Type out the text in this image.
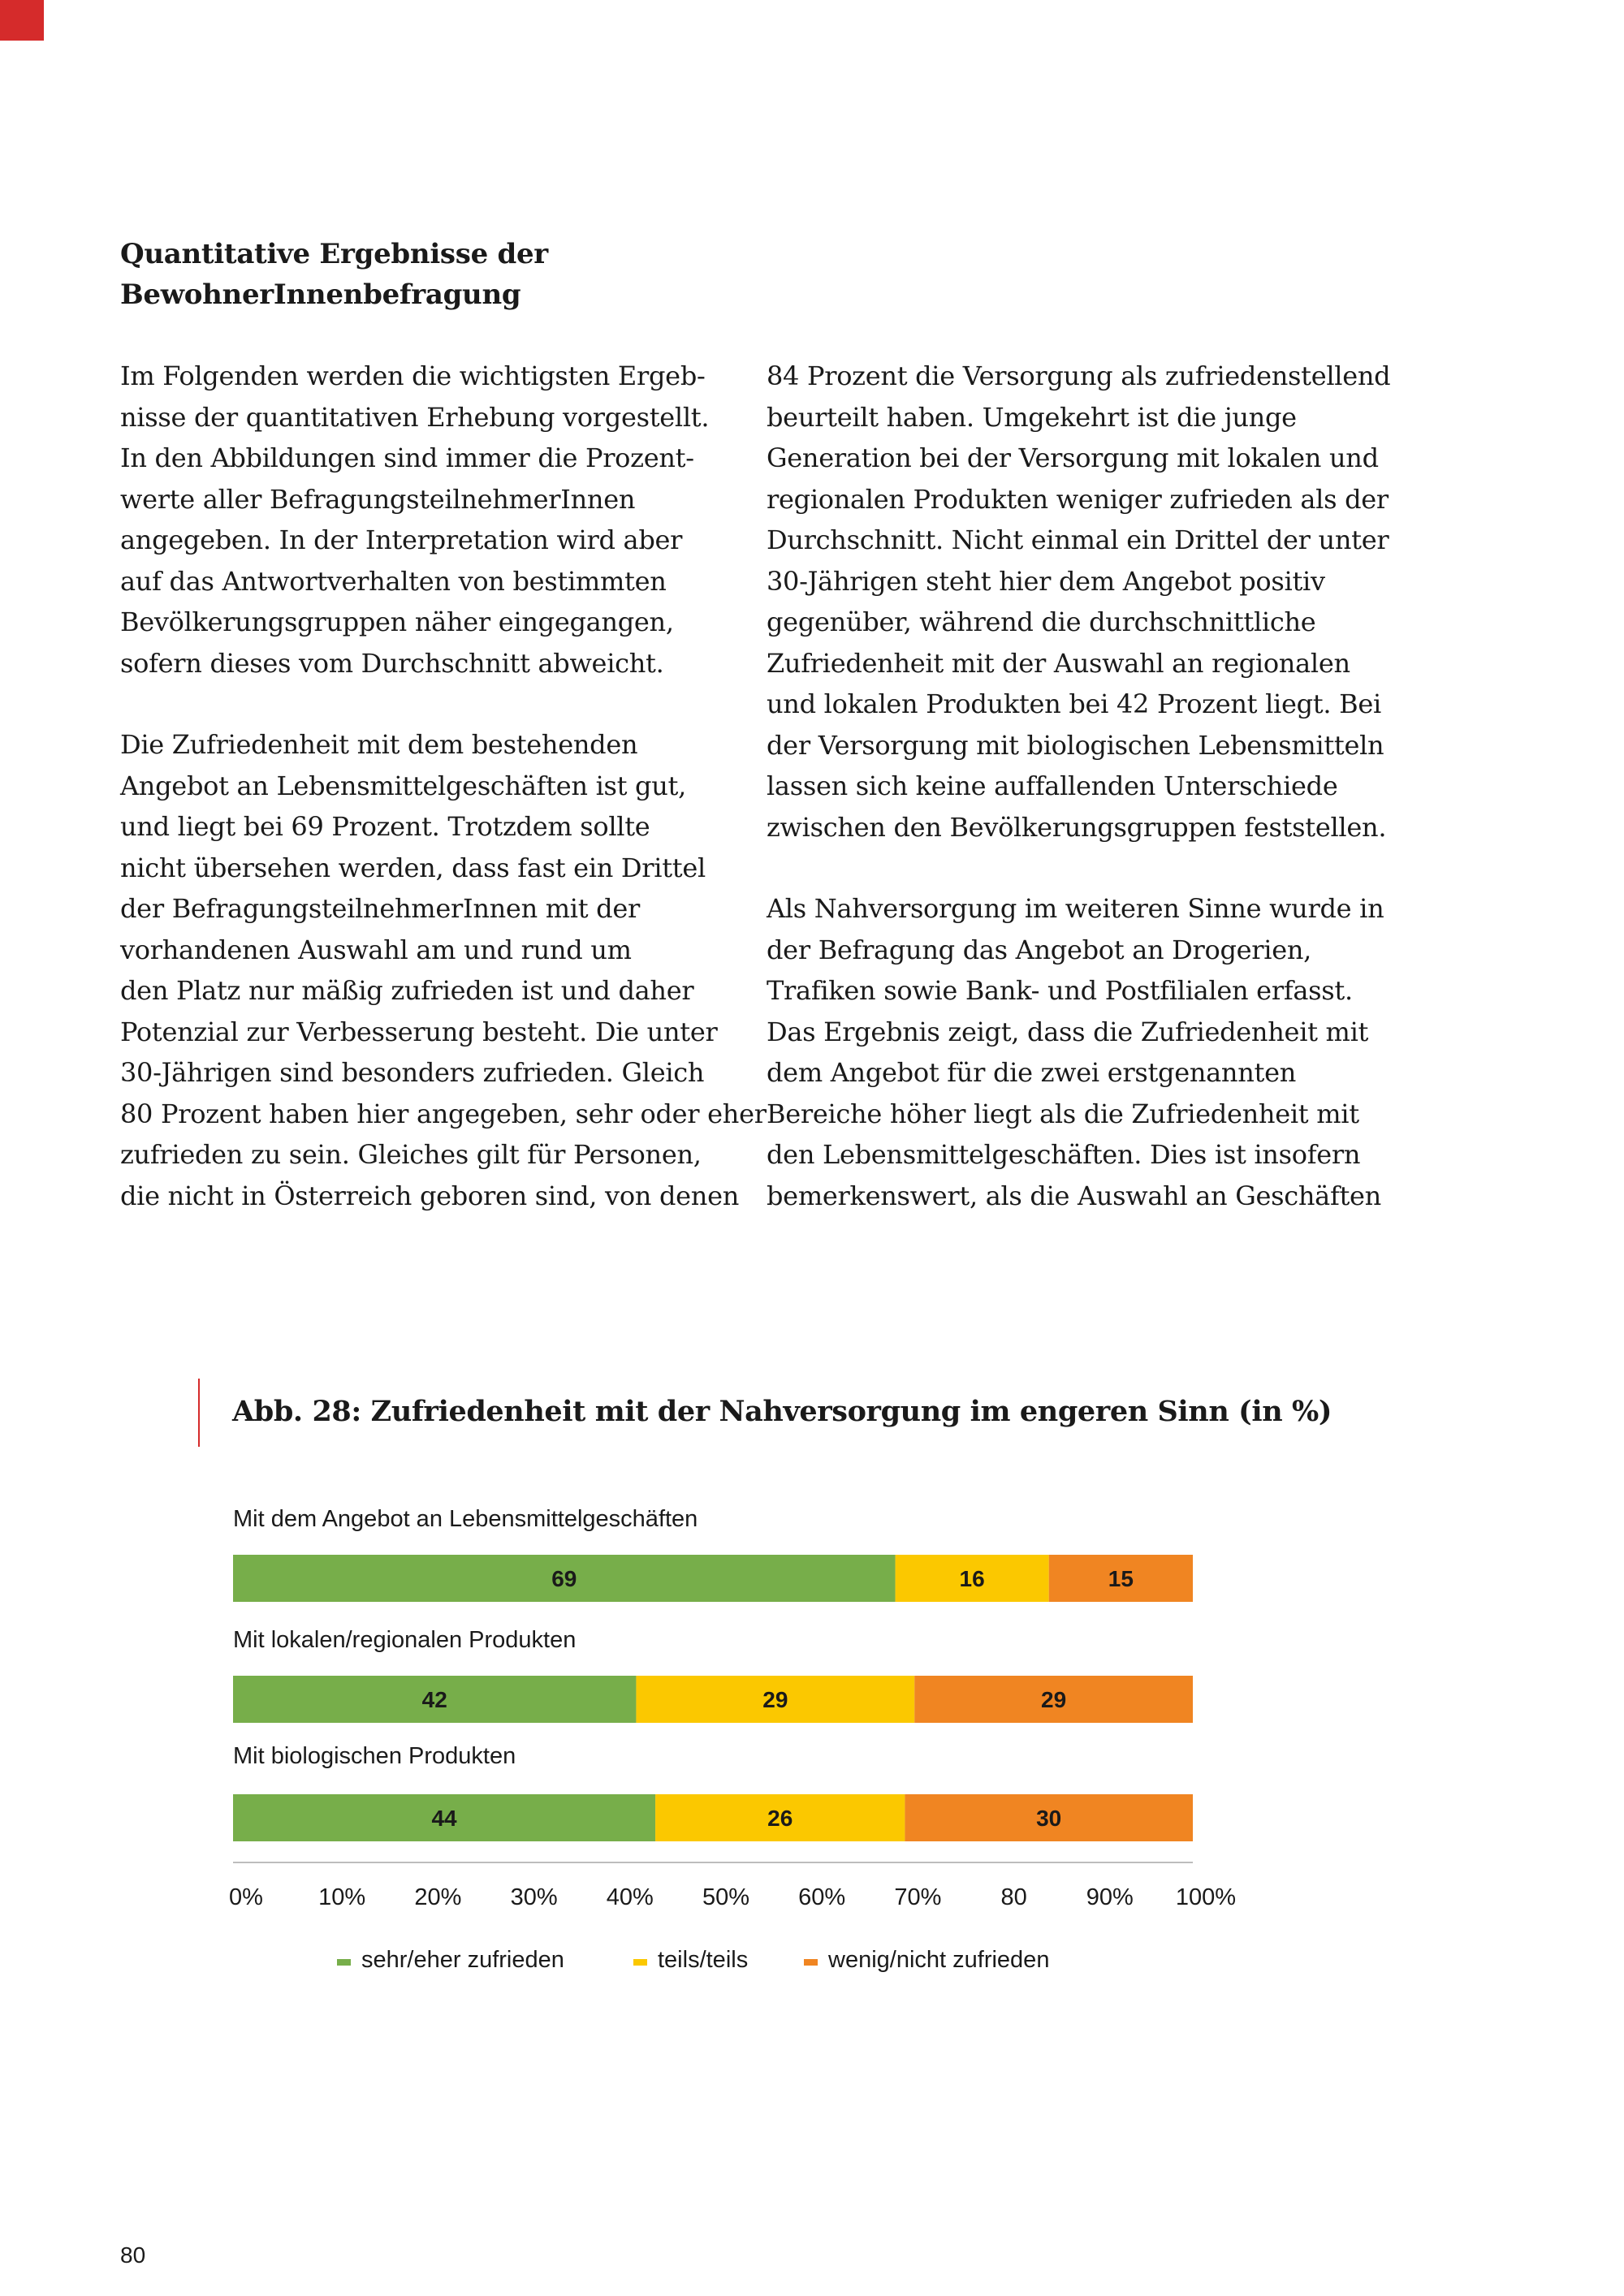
Quantitative Ergebnisse der
BewohnerInnenbefragung

Im Folgenden werden die wichtigsten Ergeb-
nisse der quantitativen Erhebung vorgestellt.
In den Abbildungen sind immer die Prozent-
werte aller BefragungsteilnehmerInnen
angegeben. In der Interpretation wird aber
auf das Antwortverhalten von bestimmten
Bevölkerungsgruppen näher eingegangen,
sofern dieses vom Durchschnitt abweicht.

Die Zufriedenheit mit dem bestehenden
Angebot an Lebensmittelgeschäften ist gut,
und liegt bei 69 Prozent. Trotzdem sollte
nicht übersehen werden, dass fast ein Drittel
der BefragungsteilnehmerInnen mit der
vorhandenen Auswahl am und rund um
den Platz nur mäßig zufrieden ist und daher
Potenzial zur Verbesserung besteht. Die unter
30-Jährigen sind besonders zufrieden. Gleich
80 Prozent haben hier angegeben, sehr oder eher
zufrieden zu sein. Gleiches gilt für Personen,
die nicht in Österreich geboren sind, von denen

84 Prozent die Versorgung als zufriedenstellend
beurteilt haben. Umgekehrt ist die junge
Generation bei der Versorgung mit lokalen und
regionalen Produkten weniger zufrieden als der
Durchschnitt. Nicht einmal ein Drittel der unter
30-Jährigen steht hier dem Angebot positiv
gegenüber, während die durchschnittliche
Zufriedenheit mit der Auswahl an regionalen
und lokalen Produkten bei 42 Prozent liegt. Bei
der Versorgung mit biologischen Lebensmitteln
lassen sich keine auffallenden Unterschiede
zwischen den Bevölkerungsgruppen feststellen.

Als Nahversorgung im weiteren Sinne wurde in
der Befragung das Angebot an Drogerien,
Trafiken sowie Bank- und Postfilialen erfasst.
Das Ergebnis zeigt, dass die Zufriedenheit mit
dem Angebot für die zwei erstgenannten
Bereiche höher liegt als die Zufriedenheit mit
den Lebensmittelgeschäften. Dies ist insofern
bemerkenswert, als die Auswahl an Geschäften

Abb. 28: Zufriedenheit mit der Nahversorgung im engeren Sinn (in %)
Mit dem Angebot an Lebensmittelgeschäften
69	16	15
Mit lokalen/regionalen Produkten
42	29	29
Mit biologischen Produkten
44	26	30
0% 10% 20% 30% 40% 50% 60% 70%	80	90% 100%
sehr/eher zufrieden	teils/teils	wenig/nicht zufrieden
80
